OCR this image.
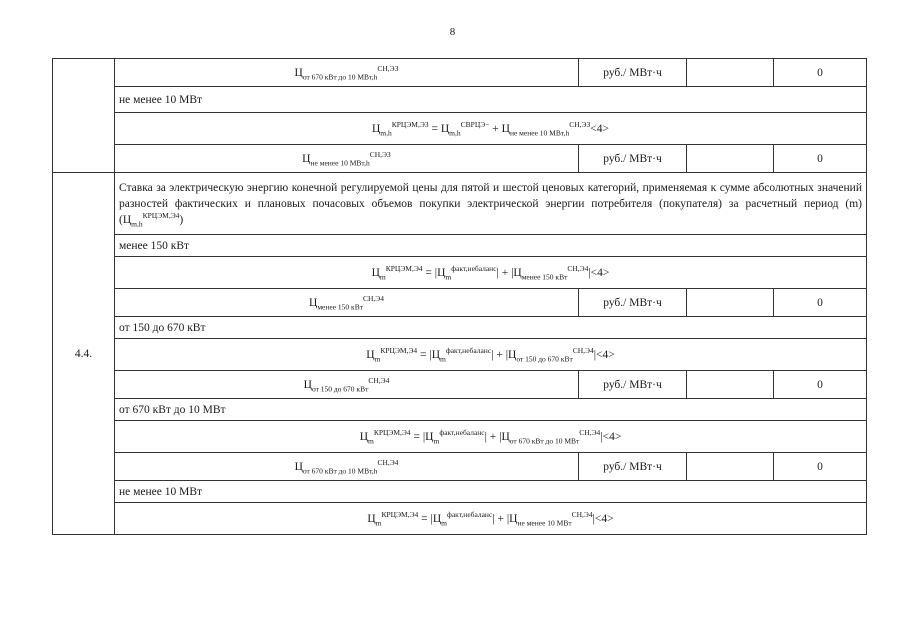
8
	$Ц_{от 670 кВт до 10 МВт,h}^{СН,ЭЗ}$	руб./ МВт·ч		0
	не менее 10 МВт			
	$Ц_{m,h}^{КРЦЭМ,ЭЗ} = Ц_{m,h}^{СВРЦЭ-} + Ц_{не менее 10 МВт,h}^{СН,ЭЗ}<4>$			
	$Ц_{не менее 10 МВт,h}^{СН,ЭЗ}$	руб./ МВт·ч		0
4.4.	Ставка за электрическую энергию конечной регулируемой цены для пятой и шестой ценовых категорий, применяемая к сумме абсолютных значений разностей фактических и плановых почасовых объемов покупки электрической энергии потребителя (покупателя) за расчетный период (m) $(Ц_{m,h}^{КРЦЭМ,Э4})$			
	менее 150 кВт			
	$Ц_m^{КРЦЭМ,Э4} = |Ц_m^{факт,небаланс}| + |Ц_{менее 150 кВт}^{СН,Э4}|<4>$			
	$Ц_{менее 150 кВт}^{СН,Э4}$	руб./ МВт·ч		0
	от 150 до 670 кВт			
	$Ц_m^{КРЦЭМ,Э4} = |Ц_m^{факт,небаланс}| + |Ц_{от 150 до 670 кВт}^{СН,Э4}|<4>$			
	$Ц_{от 150 до 670 кВт}^{СН,Э4}$	руб./ МВт·ч		0
	от 670 кВт до 10 МВт			
	$Ц_m^{КРЦЭМ,Э4} = |Ц_m^{факт,небаланс}| + |Ц_{от 670 кВт до 10 МВт}^{СН,Э4}|<4>$			
	$Ц_{от 670 кВт до 10 МВт,h}^{СН,Э4}$	руб./ МВт·ч		0
	не менее 10 МВт			
	$Ц_m^{КРЦЭМ,Э4} = |Ц_m^{факт,небаланс}| + |Ц_{не менее 10 МВт}^{СН,Э4}|<4>$			
